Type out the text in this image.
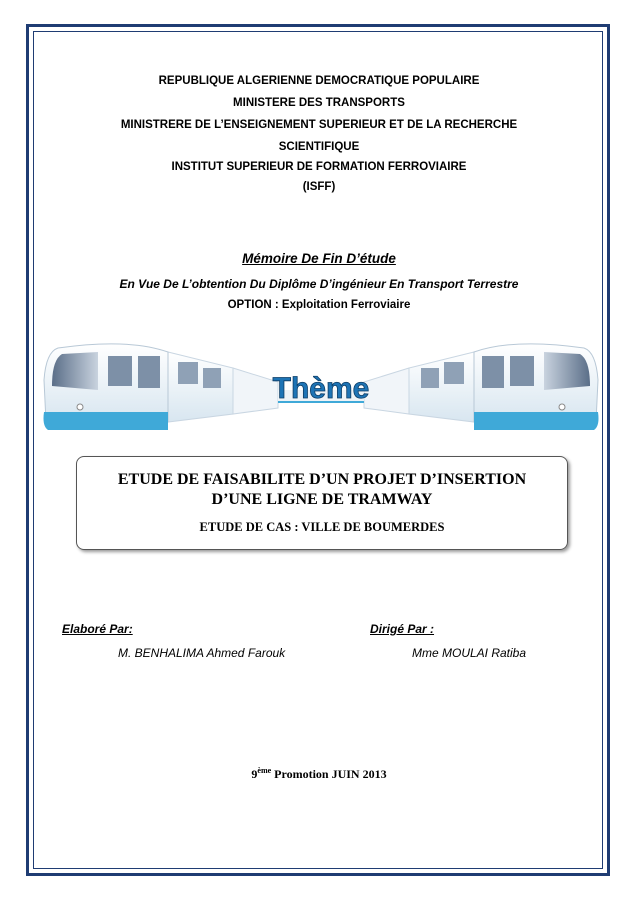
REPUBLIQUE ALGERIENNE DEMOCRATIQUE POPULAIRE
MINISTERE DES TRANSPORTS
MINISTRERE DE L’ENSEIGNEMENT SUPERIEUR ET DE LA RECHERCHE
SCIENTIFIQUE
INSTITUT SUPERIEUR DE FORMATION FERROVIAIRE
(ISFF)
Mémoire De Fin D’étude
En Vue De L’obtention Du Diplôme D’ingénieur En Transport Terrestre
OPTION : Exploitation Ferroviaire
Thème
ETUDE DE FAISABILITE D’UN PROJET D’INSERTION
D’UNE LIGNE DE TRAMWAY
ETUDE DE CAS : VILLE DE BOUMERDES
Elaboré Par:
M. BENHALIMA Ahmed Farouk
Dirigé Par :
Mme MOULAI Ratiba
9ème Promotion JUIN 2013
